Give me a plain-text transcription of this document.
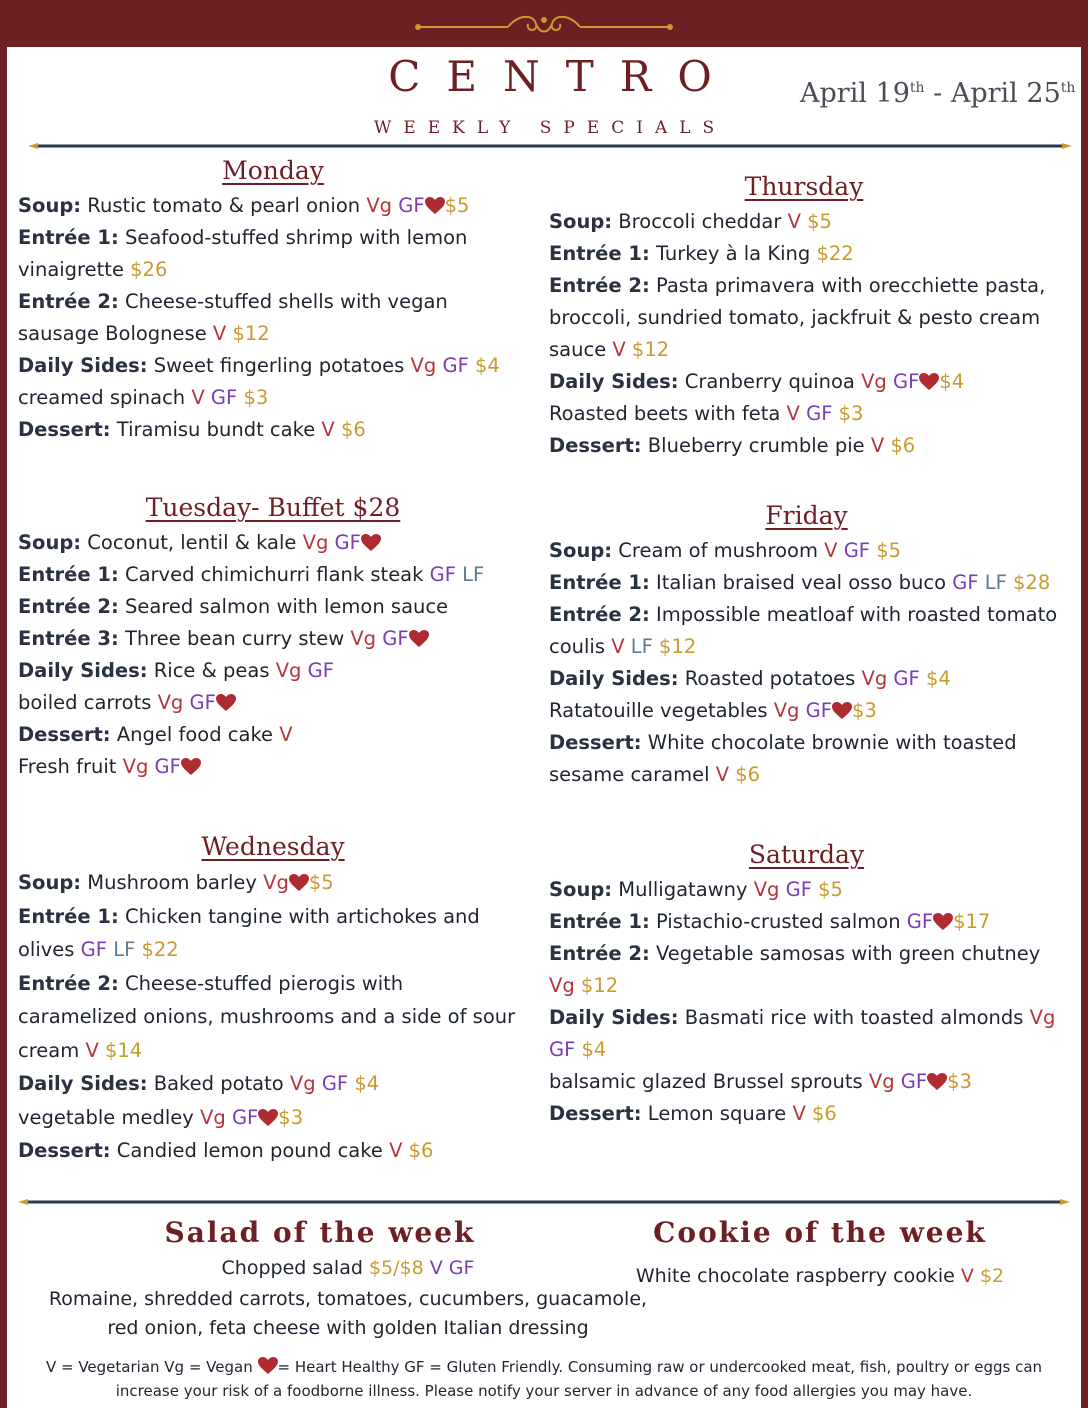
CENTRO
WEEKLY SPECIALS
April 19th - April 25th
Monday
Soup: Rustic tomato & pearl onion Vg GF $5
Entrée 1: Seafood-stuffed shrimp with lemon vinaigrette $26
Entrée 2: Cheese-stuffed shells with vegan sausage Bolognese V $12
Daily Sides: Sweet fingerling potatoes Vg GF $4
creamed spinach V GF $3
Dessert: Tiramisu bundt cake V $6
Tuesday- Buffet $28
Soup: Coconut, lentil & kale Vg GF
Entrée 1: Carved chimichurri flank steak GF LF
Entrée 2: Seared salmon with lemon sauce
Entrée 3: Three bean curry stew Vg GF
Daily Sides: Rice & peas Vg GF
boiled carrots Vg GF
Dessert: Angel food cake V
Fresh fruit Vg GF
Wednesday
Soup: Mushroom barley Vg $5
Entrée 1: Chicken tangine with artichokes and olives GF LF $22
Entrée 2: Cheese-stuffed pierogis with caramelized onions, mushrooms and a side of sour cream V $14
Daily Sides: Baked potato Vg GF $4
vegetable medley Vg GF $3
Dessert: Candied lemon pound cake V $6
Thursday
Soup: Broccoli cheddar V $5
Entrée 1: Turkey à la King $22
Entrée 2: Pasta primavera with orecchiette pasta, broccoli, sundried tomato, jackfruit & pesto cream sauce V $12
Daily Sides: Cranberry quinoa Vg GF $4
Roasted beets with feta V GF $3
Dessert: Blueberry crumble pie V $6
Friday
Soup: Cream of mushroom V GF $5
Entrée 1: Italian braised veal osso buco GF LF $28
Entrée 2: Impossible meatloaf with roasted tomato coulis V LF $12
Daily Sides: Roasted potatoes Vg GF $4
Ratatouille vegetables Vg GF $3
Dessert: White chocolate brownie with toasted sesame caramel V $6
Saturday
Soup: Mulligatawny Vg GF $5
Entrée 1: Pistachio-crusted salmon GF $17
Entrée 2: Vegetable samosas with green chutney Vg $12
Daily Sides: Basmati rice with toasted almonds Vg GF $4
balsamic glazed Brussel sprouts Vg GF $3
Dessert: Lemon square V $6
Salad of the week
Chopped salad $5/$8 V GF
Romaine, shredded carrots, tomatoes, cucumbers, guacamole,
red onion, feta cheese with golden Italian dressing
Cookie of the week
White chocolate raspberry cookie V $2
V = Vegetarian Vg = Vegan
= Heart Healthy GF = Gluten Friendly. Consuming raw or undercooked meat, fish, poultry or eggs can
increase your risk of a foodborne illness. Please notify your server in advance of any food allergies you may have.
